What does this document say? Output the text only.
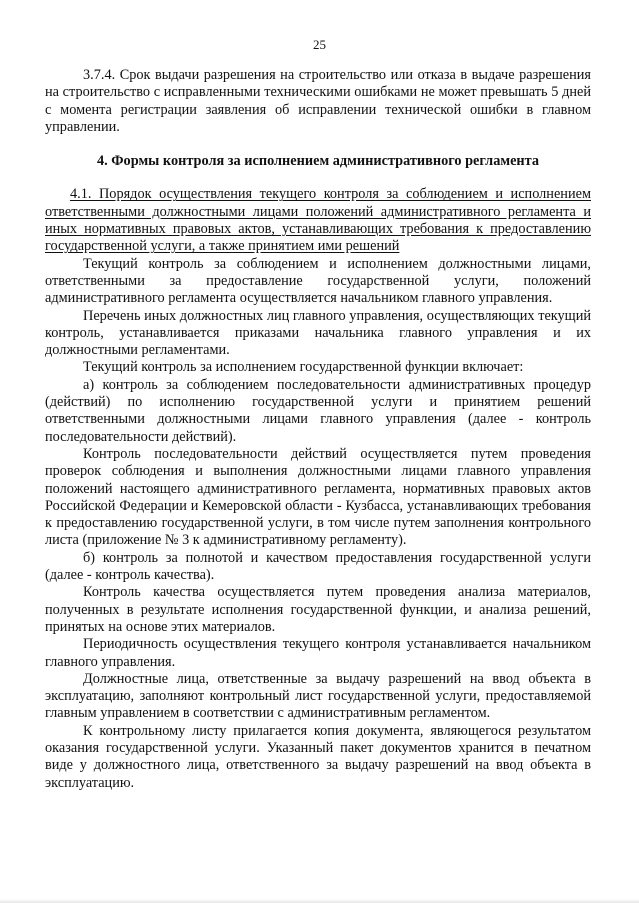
25

3.7.4. Срок выдачи разрешения на строительство или отказа в выдаче разрешения на строительство с исправленными техническими ошибками не может превышать 5 дней с момента регистрации заявления об исправлении технической ошибки в главном управлении.

4. Формы контроля за исполнением административного регламента

4.1. Порядок осуществления текущего контроля за соблюдением и исполнением ответственными должностными лицами положений административного регламента и иных нормативных правовых актов, устанавливающих требования к предоставлению государственной услуги, а также принятием ими решений

Текущий контроль за соблюдением и исполнением должностными лицами, ответственными за предоставление государственной услуги, положений административного регламента осуществляется начальником главного управления.

Перечень иных должностных лиц главного управления, осуществляющих текущий контроль, устанавливается приказами начальника главного управления и их должностными регламентами.

Текущий контроль за исполнением государственной функции включает:

а) контроль за соблюдением последовательности административных процедур (действий) по исполнению государственной услуги и принятием решений ответственными должностными лицами главного управления (далее - контроль последовательности действий).

Контроль последовательности действий осуществляется путем проведения проверок соблюдения и выполнения должностными лицами главного управления положений настоящего административного регламента, нормативных правовых актов Российской Федерации и Кемеровской области - Кузбасса, устанавливающих требования к предоставлению государственной услуги, в том числе путем заполнения контрольного листа (приложение № 3 к административному регламенту).

б) контроль за полнотой и качеством предоставления государственной услуги (далее - контроль качества).

Контроль качества осуществляется путем проведения анализа материалов, полученных в результате исполнения государственной функции, и анализа решений, принятых на основе этих материалов.

Периодичность осуществления текущего контроля устанавливается начальником главного управления.

Должностные лица, ответственные за выдачу разрешений на ввод объекта в эксплуатацию, заполняют контрольный лист государственной услуги, предоставляемой главным управлением в соответствии с административным регламентом.

К контрольному листу прилагается копия документа, являющегося результатом оказания государственной услуги. Указанный пакет документов хранится в печатном виде у должностного лица, ответственного за выдачу разрешений на ввод объекта в эксплуатацию.
